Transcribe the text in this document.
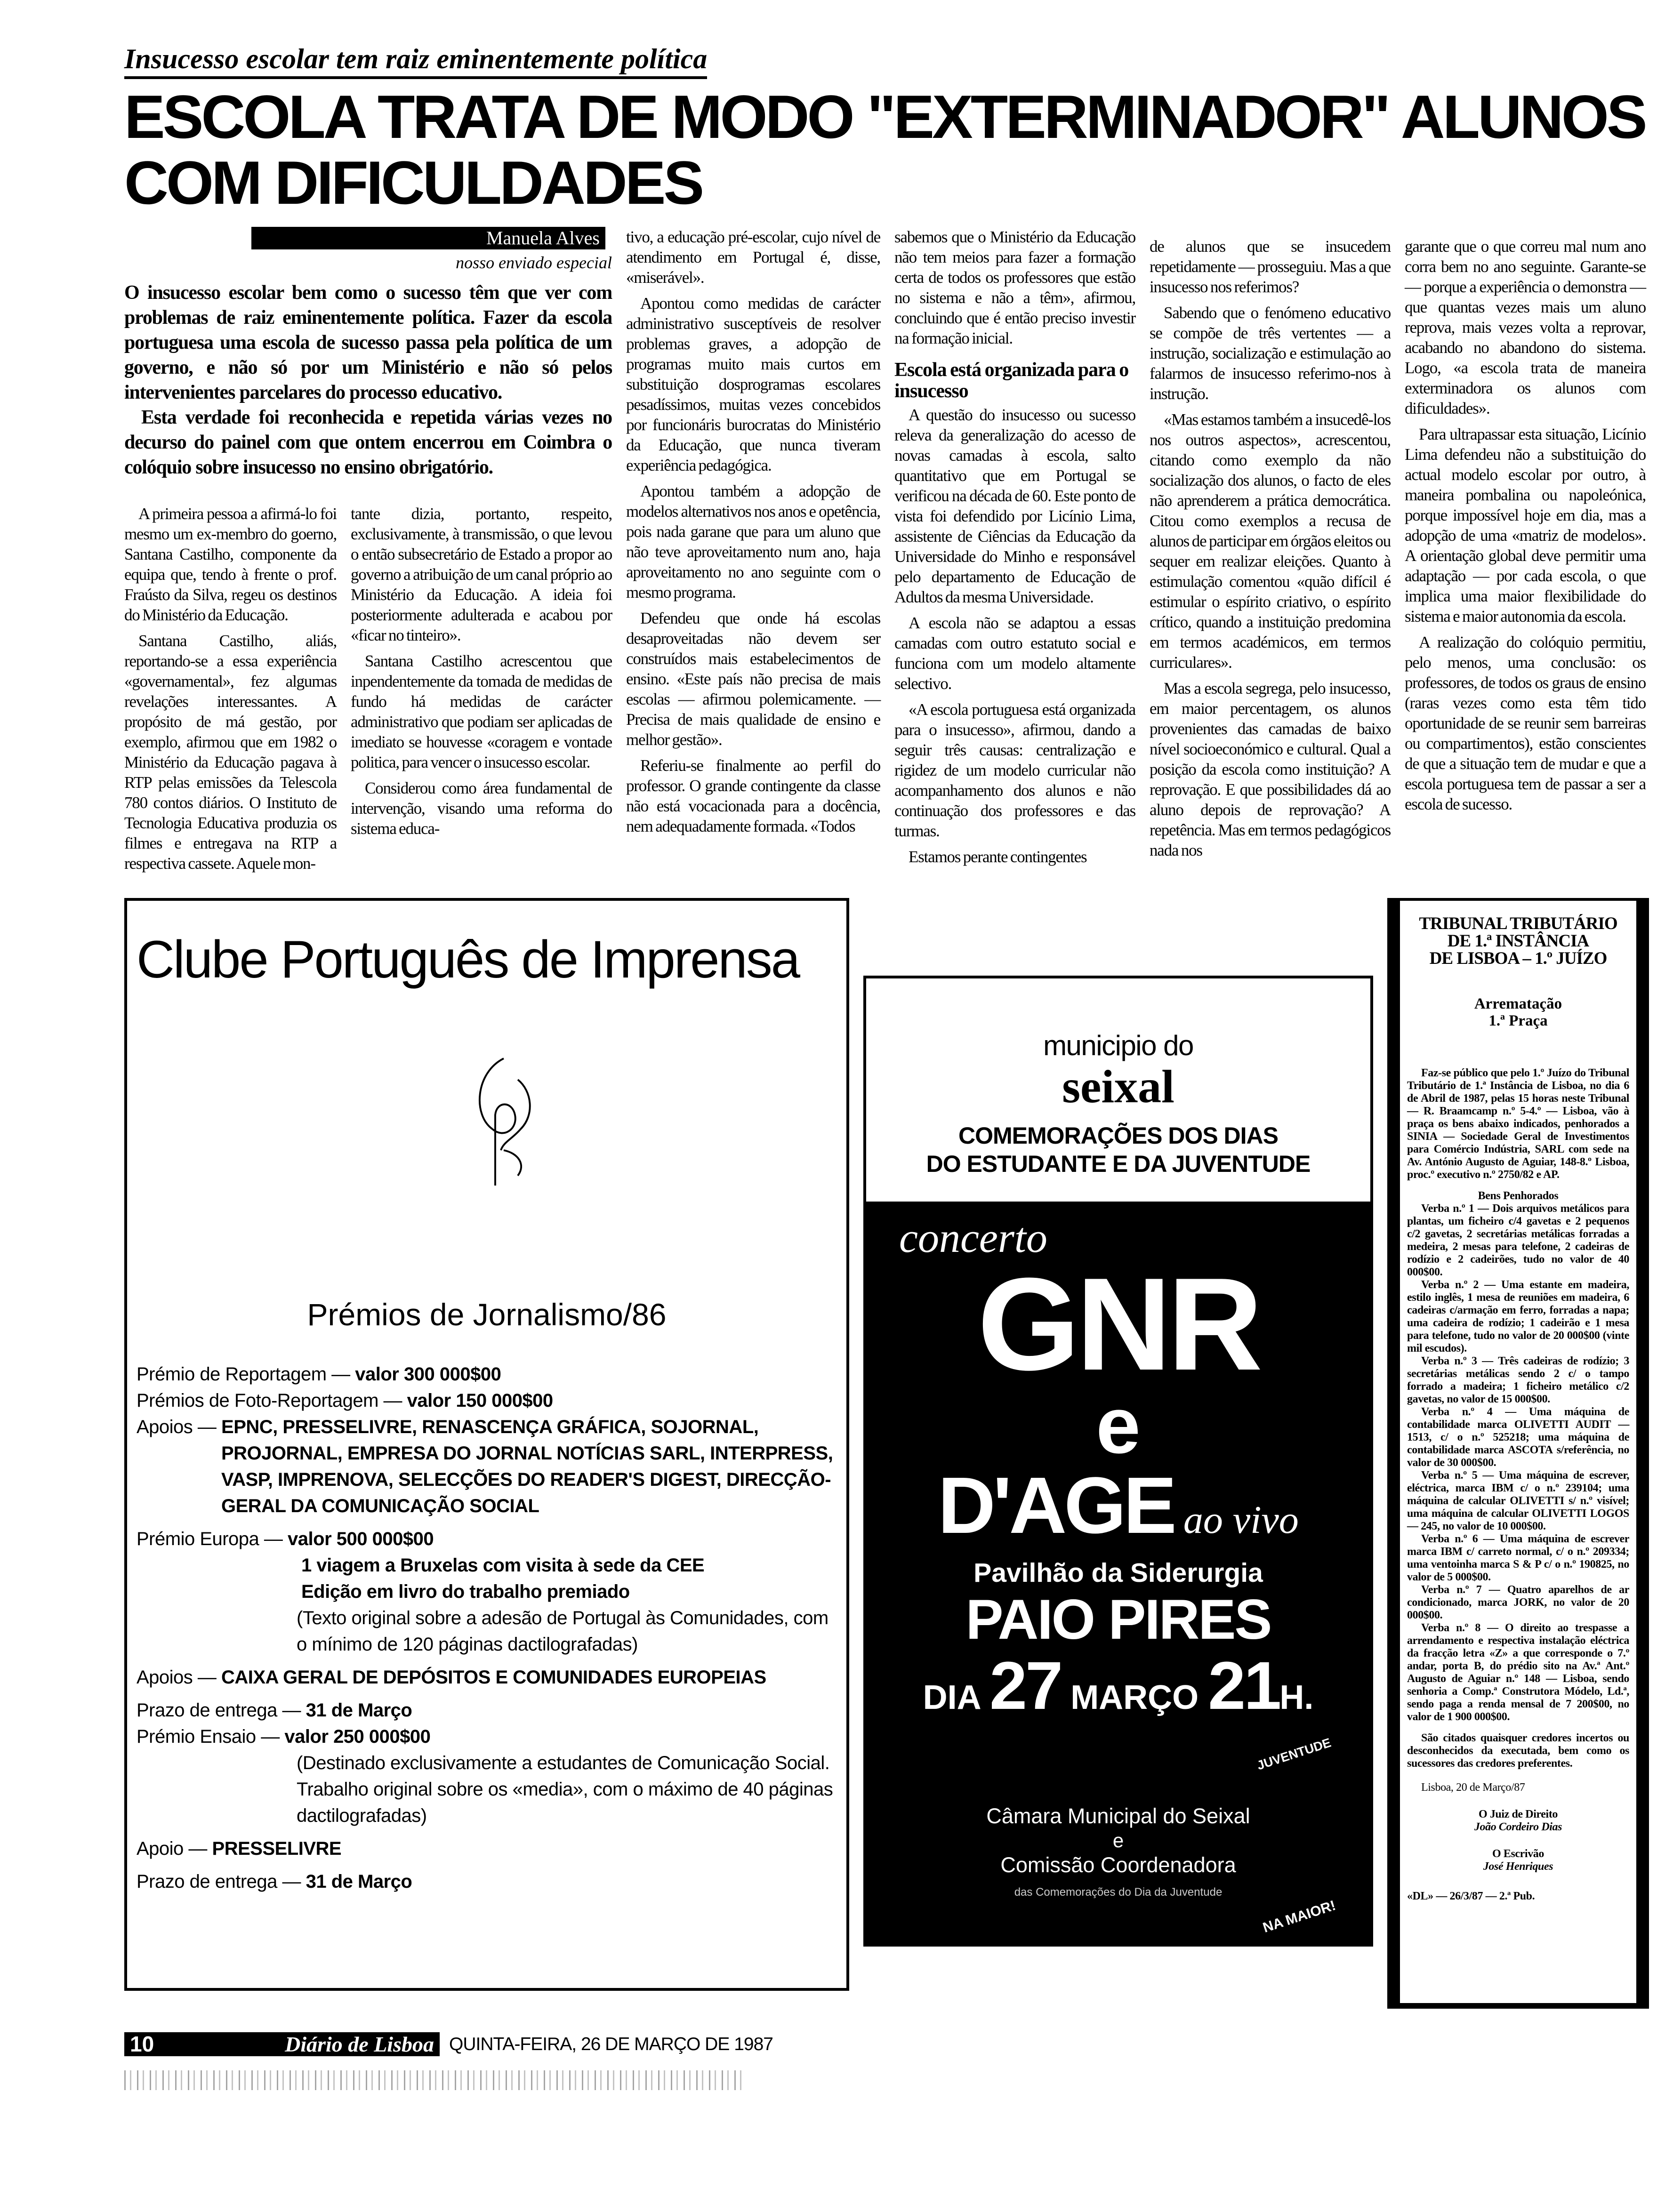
Insucesso escolar tem raiz eminentemente política
ESCOLA TRATA DE MODO "EXTERMINADOR" ALUNOS COM DIFICULDADES
Manuela Alves
nosso enviado especial

O insucesso escolar bem como o sucesso têm que ver com problemas de raiz eminentemente política. Fazer da escola portuguesa uma escola de sucesso passa pela política de um governo, e não só por um Ministério e não só pelos intervenientes parcelares do processo educativo.

Esta verdade foi reconhecida e repetida várias vezes no decurso do painel com que ontem encerrou em Coimbra o colóquio sobre insucesso no ensino obrigatório.

A primeira pessoa a afirmá-lo foi mesmo um ex-membro do goerno, Santana Castilho, componente da equipa que, tendo à frente o prof. Fraústo da Silva, regeu os destinos do Ministério da Educação.

Santana Castilho, aliás, reportando-se a essa experiência «governamental», fez algumas revelações interessantes. A propósito de má gestão, por exemplo, afirmou que em 1982 o Ministério da Educação pagava à RTP pelas emissões da Telescola 780 contos diários. O Instituto de Tecnologia Educativa produzia os filmes e entregava na RTP a respectiva cassete. Aquele mon-

tante dizia, portanto, respeito, exclusivamente, à transmissão, o que levou o então subsecretário de Estado a propor ao governo a atribuição de um canal próprio ao Ministério da Educação. A ideia foi posteriormente adulterada e acabou por «ficar no tinteiro».

Santana Castilho acrescentou que inpendentemente da tomada de medidas de fundo há medidas de carácter administrativo que podiam ser aplicadas de imediato se houvesse «coragem e vontade politica, para vencer o insucesso escolar.

Considerou como área fundamental de intervenção, visando uma reforma do sistema educa-

tivo, a educação pré-escolar, cujo nível de atendimento em Portugal é, disse, «miserável».

Apontou como medidas de carácter administrativo susceptíveis de resolver problemas graves, a adopção de programas muito mais curtos em substituição dosprogramas escolares pesadíssimos, muitas vezes concebidos por funcionáris burocratas do Ministério da Educação, que nunca tiveram experiência pedagógica.

Apontou também a adopção de modelos alternativos nos anos e opetência, pois nada garane que para um aluno que não teve aproveitamento num ano, haja aproveitamento no ano seguinte com o mesmo programa.

Defendeu que onde há escolas desaproveitadas não devem ser construídos mais estabelecimentos de ensino. «Este país não precisa de mais escolas — afirmou polemicamente. — Precisa de mais qualidade de ensino e melhor gestão».

Referiu-se finalmente ao perfil do professor. O grande contingente da classe não está vocacionada para a docência, nem adequadamente formada. «Todos

sabemos que o Ministério da Educação não tem meios para fazer a formação certa de todos os professores que estão no sistema e não a têm», afirmou, concluindo que é então preciso investir na formação inicial.

Escola está organizada para o insucesso

A questão do insucesso ou sucesso releva da generalização do acesso de novas camadas à escola, salto quantitativo que em Portugal se verificou na década de 60. Este ponto de vista foi defendido por Licínio Lima, assistente de Ciências da Educação da Universidade do Minho e responsável pelo departamento de Educação de Adultos da mesma Universidade.

A escola não se adaptou a essas camadas com outro estatuto social e funciona com um modelo altamente selectivo.

«A escola portuguesa está organizada para o insucesso», afirmou, dando a seguir três causas: centralização e rigidez de um modelo curricular não acompanhamento dos alunos e não continuação dos professores e das turmas.

Estamos perante contingentes

de alunos que se insucedem repetidamente — prosseguiu. Mas a que insucesso nos referimos?

Sabendo que o fenómeno educativo se compõe de três vertentes — a instrução, socialização e estimulação ao falarmos de insucesso referimo-nos à instrução.

«Mas estamos também a insucedê-los nos outros aspectos», acrescentou, citando como exemplo da não socialização dos alunos, o facto de eles não aprenderem a prática democrática. Citou como exemplos a recusa de alunos de participar em órgãos eleitos ou sequer em realizar eleições. Quanto à estimulação comentou «quão difícil é estimular o espírito criativo, o espírito crítico, quando a instituição predomina em termos académicos, em termos curriculares».

Mas a escola segrega, pelo insucesso, em maior percentagem, os alunos provenientes das camadas de baixo nível socioeconómico e cultural. Qual a posição da escola como instituição? A reprovação. E que possibilidades dá ao aluno depois de reprovação? A repetência. Mas em termos pedagógicos nada nos

garante que o que correu mal num ano corra bem no ano seguinte. Garante-se — porque a experiência o demonstra — que quantas vezes mais um aluno reprova, mais vezes volta a reprovar, acabando no abandono do sistema. Logo, «a escola trata de maneira exterminadora os alunos com dificuldades».

Para ultrapassar esta situação, Licínio Lima defendeu não a substituição do actual modelo escolar por outro, à maneira pombalina ou napoleónica, porque impossível hoje em dia, mas a adopção de uma «matriz de modelos». A orientação global deve permitir uma adaptação — por cada escola, o que implica uma maior flexibilidade do sistema e maior autonomia da escola.

A realização do colóquio permitiu, pelo menos, uma conclusão: os professores, de todos os graus de ensino (raras vezes como esta têm tido oportunidade de se reunir sem barreiras ou compartimentos), estão conscientes de que a situação tem de mudar e que a escola portuguesa tem de passar a ser a escola de sucesso.

Clube Português de Imprensa
Prémios de Jornalismo/86
Prémio de Reportagem — valor 300 000$00
Prémios de Foto-Reportagem — valor 150 000$00
Apoios — EPNC, PRESSELIVRE, RENASCENÇA GRÁFICA, SOJORNAL, PROJORNAL, EMPRESA DO JORNAL NOTÍCIAS SARL, INTERPRESS, VASP, IMPRENOVA, SELECÇÕES DO READER'S DIGEST, DIRECÇÃO-GERAL DA COMUNICAÇÃO SOCIAL
Prémio Europa — valor 500 000$00
1 viagem a Bruxelas com visita à sede da CEE
Edição em livro do trabalho premiado
(Texto original sobre a adesão de Portugal às Comunidades, com o mínimo de 120 páginas dactilografadas)
Apoios — CAIXA GERAL DE DEPÓSITOS E COMUNIDADES EUROPEIAS
Prazo de entrega — 31 de Março
Prémio Ensaio — valor 250 000$00
(Destinado exclusivamente a estudantes de Comunicação Social. Trabalho original sobre os «media», com o máximo de 40 páginas dactilografadas)
Apoio — PRESSELIVRE
Prazo de entrega — 31 de Março
municipio do
seixal
COMEMORAÇÕES DOS DIAS
DO ESTUDANTE E DA JUVENTUDE
concerto
GNR
e
D'AGE ao vivo
Pavilhão da Siderurgia
PAIO PIRES
DIA 27 MARÇO 21H.
JUVENTUDE
Câmara Municipal do Seixal
e
Comissão Coordenadora
das Comemorações do Dia da Juventude
NA MAIOR!
TRIBUNAL TRIBUTÁRIO
DE 1.ª INSTÂNCIA
DE LISBOA – 1.º JUÍZO
Arrematação
1.ª Praça

Faz-se público que pelo 1.º Juízo do Tribunal Tributário de 1.ª Instância de Lisboa, no dia 6 de Abril de 1987, pelas 15 horas neste Tribunal — R. Braamcamp n.º 5-4.º — Lisboa, vão à praça os bens abaixo indicados, penhorados a SINIA — Sociedade Geral de Investimentos para Comércio Indústria, SARL com sede na Av. António Augusto de Aguiar, 148-8.º Lisboa, proc.º executivo n.º 2750/82 e AP.

Bens Penhorados

Verba n.º 1 — Dois arquivos metálicos para plantas, um ficheiro c/4 gavetas e 2 pequenos c/2 gavetas, 2 secretárias metálicas forradas a medeira, 2 mesas para telefone, 2 cadeiras de rodízio e 2 cadeirões, tudo no valor de 40 000$00.

Verba n.º 2 — Uma estante em madeira, estilo inglês, 1 mesa de reuniões em madeira, 6 cadeiras c/armação em ferro, forradas a napa; uma cadeira de rodízio; 1 cadeirão e 1 mesa para telefone, tudo no valor de 20 000$00 (vinte mil escudos).

Verba n.º 3 — Três cadeiras de rodízio; 3 secretárias metálicas sendo 2 c/ o tampo forrado a madeira; 1 ficheiro metálico c/2 gavetas, no valor de 15 000$00.

Verba n.º 4 — Uma máquina de contabilidade marca OLIVETTI AUDIT — 1513, c/ o n.º 525218; uma máquina de contabilidade marca ASCOTA s/referência, no valor de 30 000$00.

Verba n.º 5 — Uma máquina de escrever, eléctrica, marca IBM c/ o n.º 239104; uma máquina de calcular OLIVETTI s/ n.º visível; uma máquina de calcular OLIVETTI LOGOS — 245, no valor de 10 000$00.

Verba n.º 6 — Uma máquina de escrever marca IBM c/ carreto normal, c/ o n.º 209334; uma ventoinha marca S & P c/ o n.º 190825, no valor de 5 000$00.

Verba n.º 7 — Quatro aparelhos de ar condicionado, marca JORK, no valor de 20 000$00.

Verba n.º 8 — O direito ao trespasse a arrendamento e respectiva instalação eléctrica da fracção letra «Z» a que corresponde o 7.º andar, porta B, do prédio sito na Av.ª Ant.º Augusto de Aguiar n.º 148 — Lisboa, sendo senhoria a Comp.ª Construtora Módelo, Ld.ª, sendo paga a renda mensal de 7 200$00, no valor de 1 900 000$00.

São citados quaisquer credores incertos ou desconhecidos da executada, bem como os sucessores das credores preferentes.

Lisboa, 20 de Março/87

O Juiz de Direito
João Cordeiro Dias

O Escrivão
José Henriques

«DL» — 26/3/87 — 2.ª Pub.

10	Diário de Lisboa QUINTA-FEIRA, 26 DE MARÇO DE 1987
